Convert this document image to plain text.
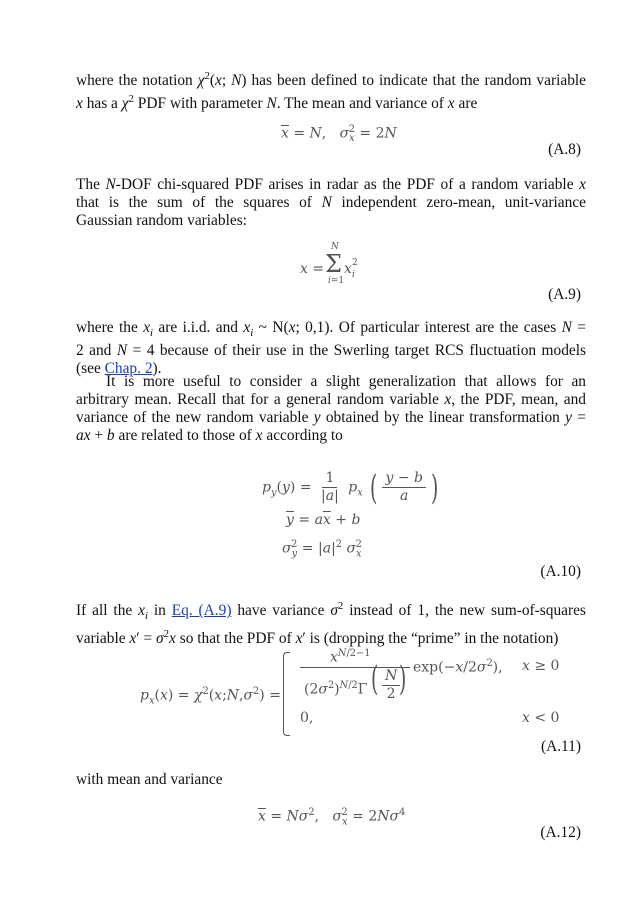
where the notation $\chi^2(x$; N) has been defined to indicate that the random variable
x has a $\chi^2$ PDF with parameter N. The mean and variance of x are
$\overline{x} = N$,   $\sigma_x^2 = 2N$
(A.8)
The N-DOF chi-squared PDF arises in radar as the PDF of a random variable x
that is the sum of the squares of N independent zero-mean, unit-variance
Gaussian random variables:
x =
N
Σ
i=1
x i
2
(A.9)
where the $x_i$ are i.i.d. and $x_i$ ~ N(x; 0,1). Of particular interest are the cases N =
2 and N = 4 because of their use in the Swerling target RCS fluctuation models
(see Chap. 2).
It is more useful to consider a slight generalization that allows for an
arbitrary mean. Recall that for a general random variable x, the PDF, mean, and
variance of the new random variable y obtained by the linear transformation y =
ax + b are related to those of x according to
$p_y(y) = \frac{1}{|a|} p_x$ ( $\frac{y - b}{a}$ )
$\overline{y} = a\overline{x} + b$
$\sigma_y^2 = |a|^2$ $\sigma_x^2$
(A.10)
If all the $x_i$ in Eq. (A.9) have variance $\sigma^2$ instead of 1, the new sum-of-squares
variable $x' = \sigma^2x$ so that the PDF of x′ is (dropping the “prime” in the notation)
$p_x(x)$ = $\chi^2(x;N,\sigma^2)$ =
$x^{N/2-1}$
$(2\sigma^2)^{N/2}\Gamma$ ( $\frac{N}{2}$
) $\exp(-x/2\sigma^2)$, x ≥ 0
0,	x < 0
(A.11)
with mean and variance
$\overline{x} = N\sigma^2$,   $\sigma_x^2 = 2N\sigma^4$
(A.12)
